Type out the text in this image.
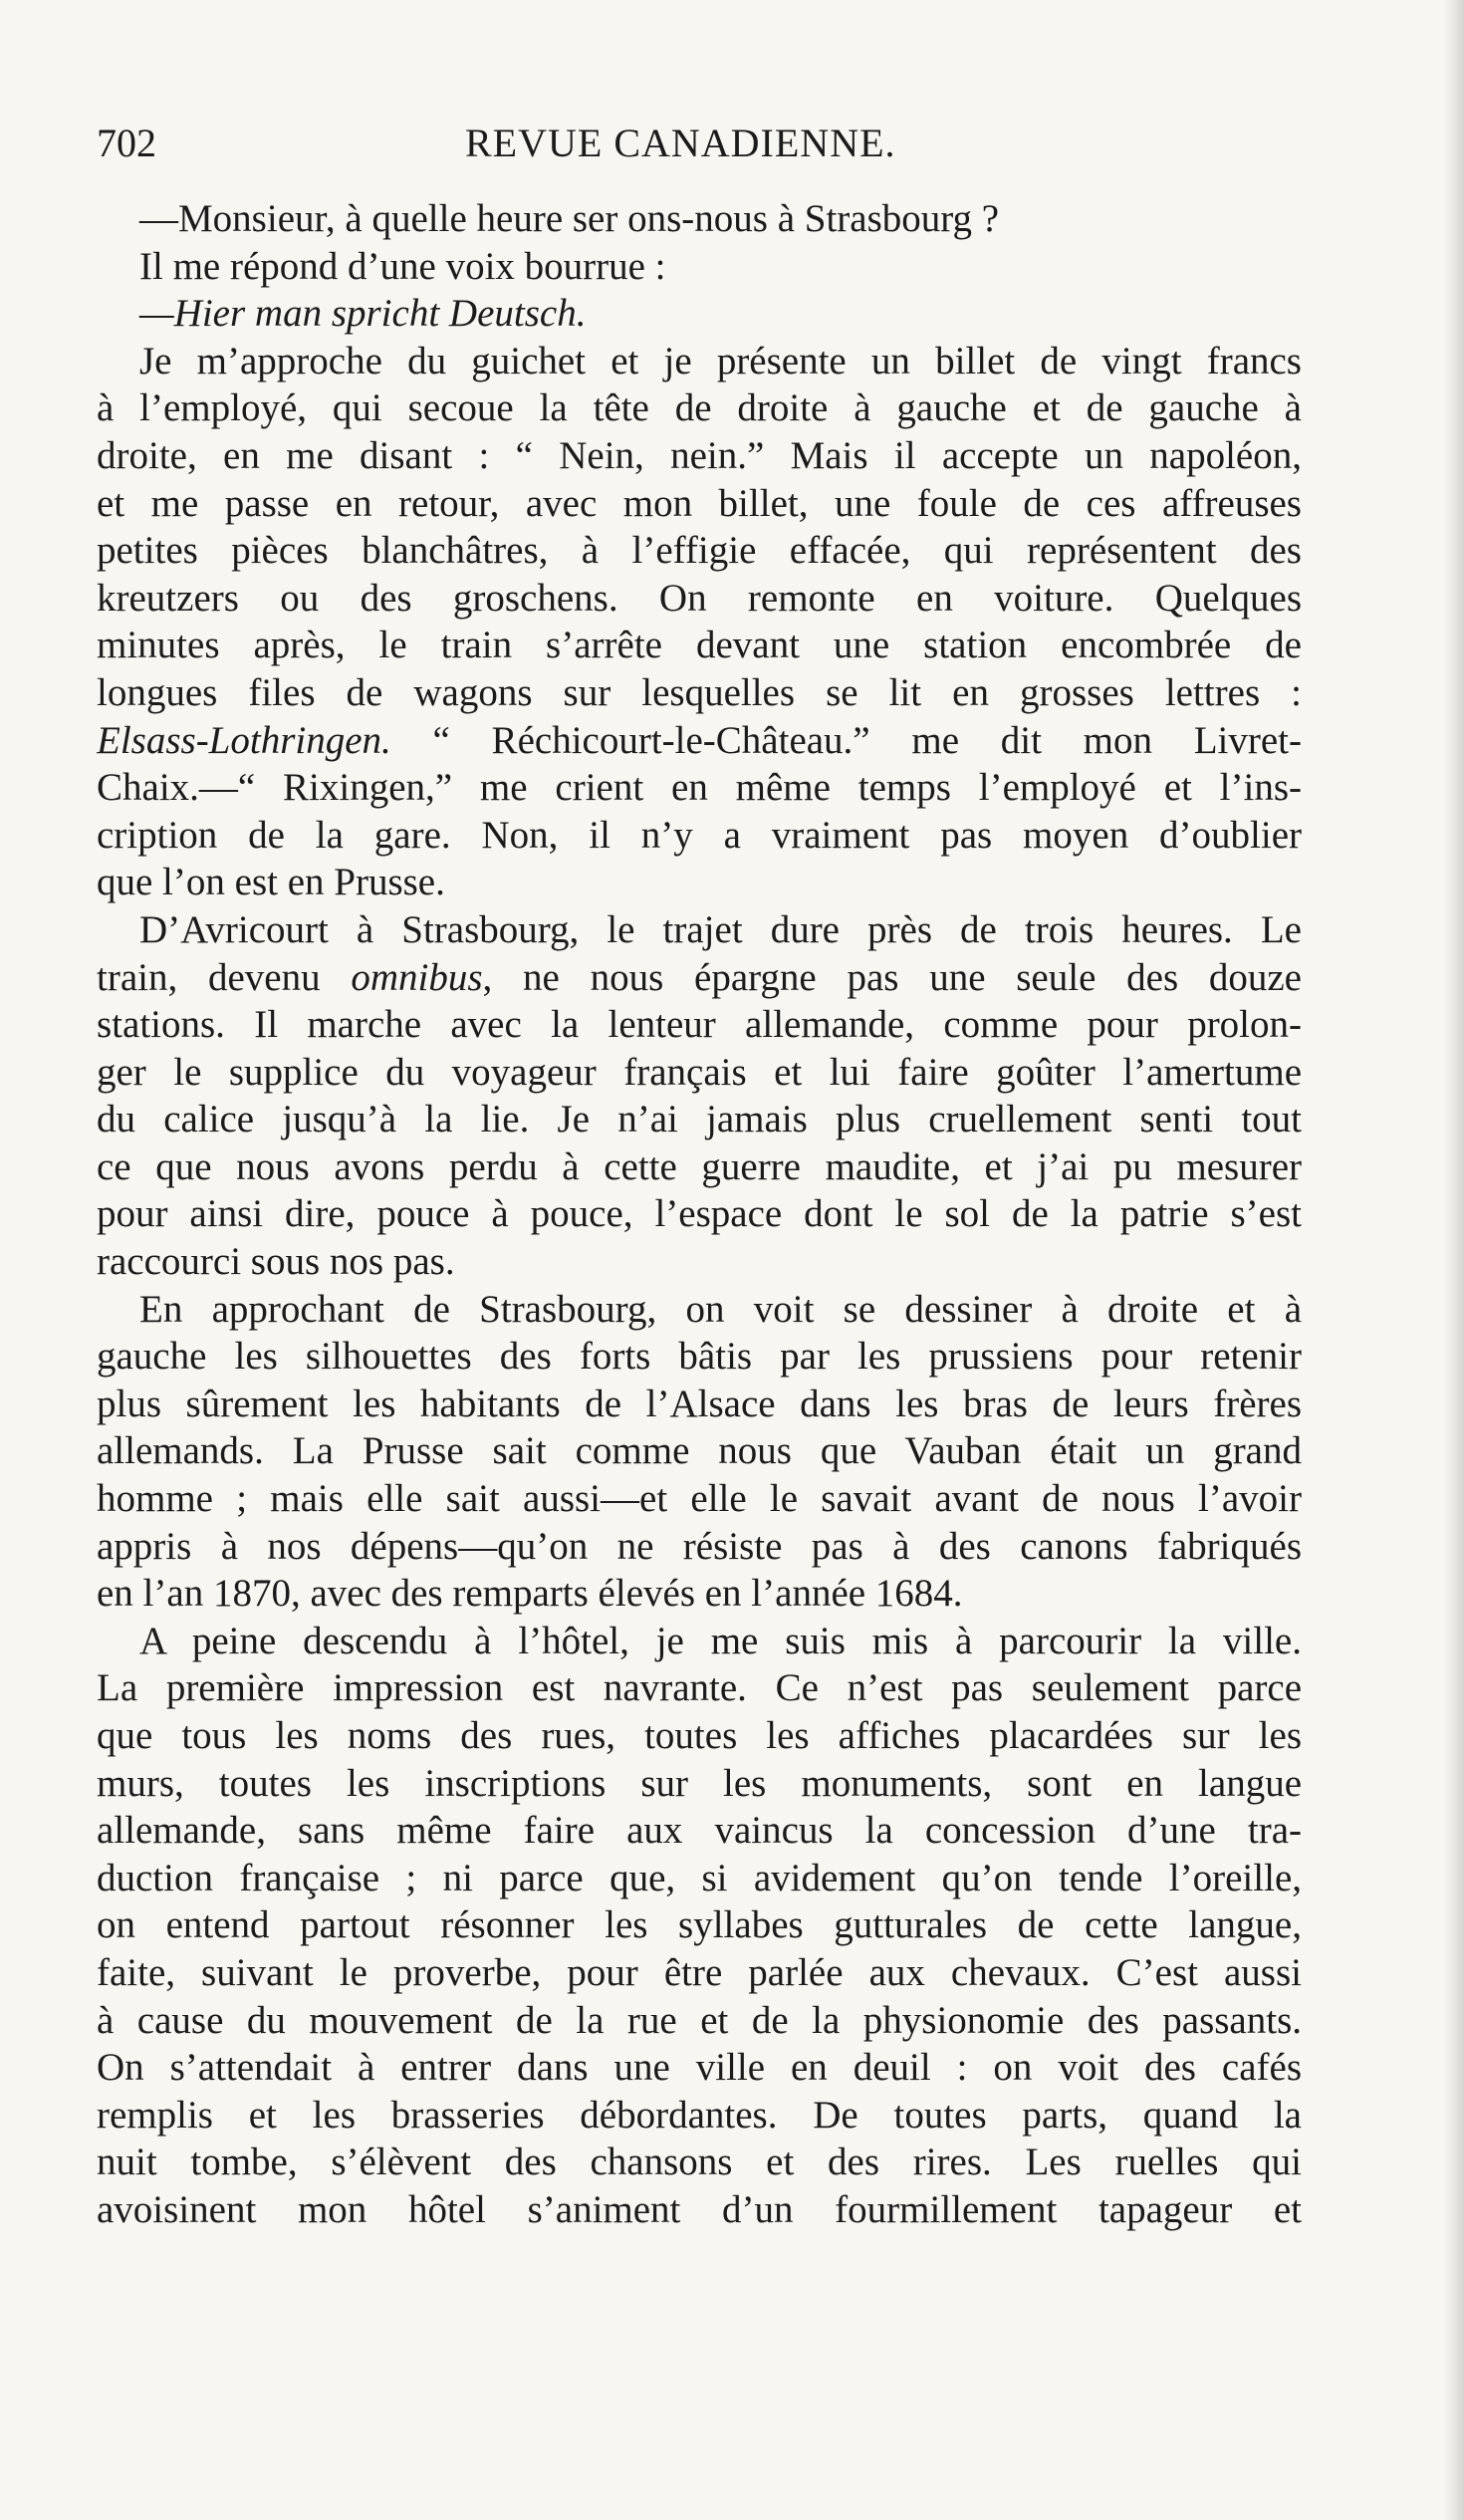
702	REVUE CANADIENNE.
—Monsieur, à quelle heure ser ons-nous à Strasbourg ?
Il me répond d’une voix bourrue :
—Hier man spricht Deutsch.
Je m’approche du guichet et je présente un billet de vingt francs
à l’employé, qui secoue la tête de droite à gauche et de gauche à
droite, en me disant : “ Nein, nein.” Mais il accepte un napoléon,
et me passe en retour, avec mon billet, une foule de ces affreuses
petites pièces blanchâtres, à l’effigie effacée, qui représentent des
kreutzers ou des groschens. On remonte en voiture. Quelques
minutes après, le train s’arrête devant une station encombrée de
longues files de wagons sur lesquelles se lit en grosses lettres :
Elsass-Lothringen. “ Réchicourt-le-Château.” me dit mon Livret-
Chaix.—“ Rixingen,” me crient en même temps l’employé et l’ins-
cription de la gare. Non, il n’y a vraiment pas moyen d’oublier
que l’on est en Prusse.
D’Avricourt à Strasbourg, le trajet dure près de trois heures. Le
train, devenu omnibus, ne nous épargne pas une seule des douze
stations. Il marche avec la lenteur allemande, comme pour prolon-
ger le supplice du voyageur français et lui faire goûter l’amertume
du calice jusqu’à la lie. Je n’ai jamais plus cruellement senti tout
ce que nous avons perdu à cette guerre maudite, et j’ai pu mesurer
pour ainsi dire, pouce à pouce, l’espace dont le sol de la patrie s’est
raccourci sous nos pas.
En approchant de Strasbourg, on voit se dessiner à droite et à
gauche les silhouettes des forts bâtis par les prussiens pour retenir
plus sûrement les habitants de l’Alsace dans les bras de leurs frères
allemands. La Prusse sait comme nous que Vauban était un grand
homme ; mais elle sait aussi—et elle le savait avant de nous l’avoir
appris à nos dépens—qu’on ne résiste pas à des canons fabriqués
en l’an 1870, avec des remparts élevés en l’année 1684.
A peine descendu à l’hôtel, je me suis mis à parcourir la ville.
La première impression est navrante. Ce n’est pas seulement parce
que tous les noms des rues, toutes les affiches placardées sur les
murs, toutes les inscriptions sur les monuments, sont en langue
allemande, sans même faire aux vaincus la concession d’une tra-
duction française ; ni parce que, si avidement qu’on tende l’oreille,
on entend partout résonner les syllabes gutturales de cette langue,
faite, suivant le proverbe, pour être parlée aux chevaux. C’est aussi
à cause du mouvement de la rue et de la physionomie des passants.
On s’attendait à entrer dans une ville en deuil : on voit des cafés
remplis et les brasseries débordantes. De toutes parts, quand la
nuit tombe, s’élèvent des chansons et des rires. Les ruelles qui
avoisinent mon hôtel s’animent d’un fourmillement tapageur et
